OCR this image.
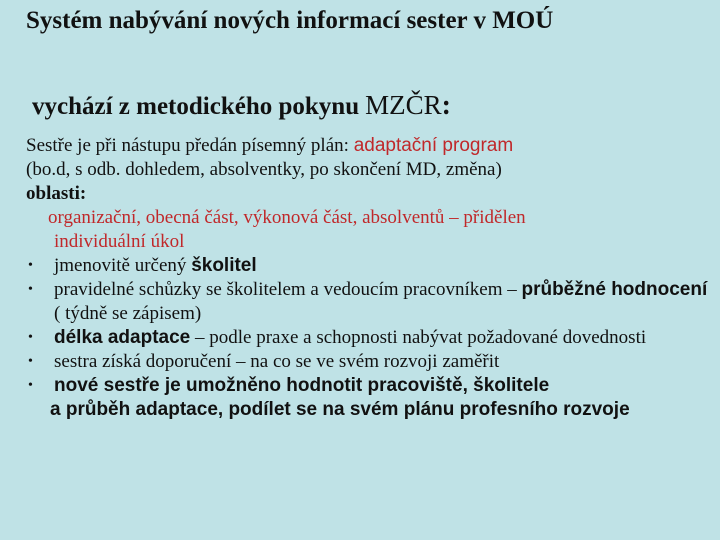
Systém nabývání nových informací sester v MOÚ
vychází z metodického pokynu MZČR:

Sestře je při nástupu předán písemný plán: adaptační program

(bo.d, s odb. dohledem, absolventky, po skončení MD, změna)

oblasti:

organizační, obecná část, výkonová část, absolventů – přidělen
individuální úkol

• jmenovitě určený školitel
• pravidelné schůzky se školitelem a vedoucím pracovníkem – průběžné hodnocení ( týdně se zápisem)
• délka adaptace – podle praxe a schopnosti nabývat požadované dovednosti
• sestra získá doporučení – na co se ve svém rozvoji zaměřit
• nové sestře je umožněno hodnotit pracoviště, školitele

a průběh adaptace, podílet se na svém plánu profesního rozvoje
